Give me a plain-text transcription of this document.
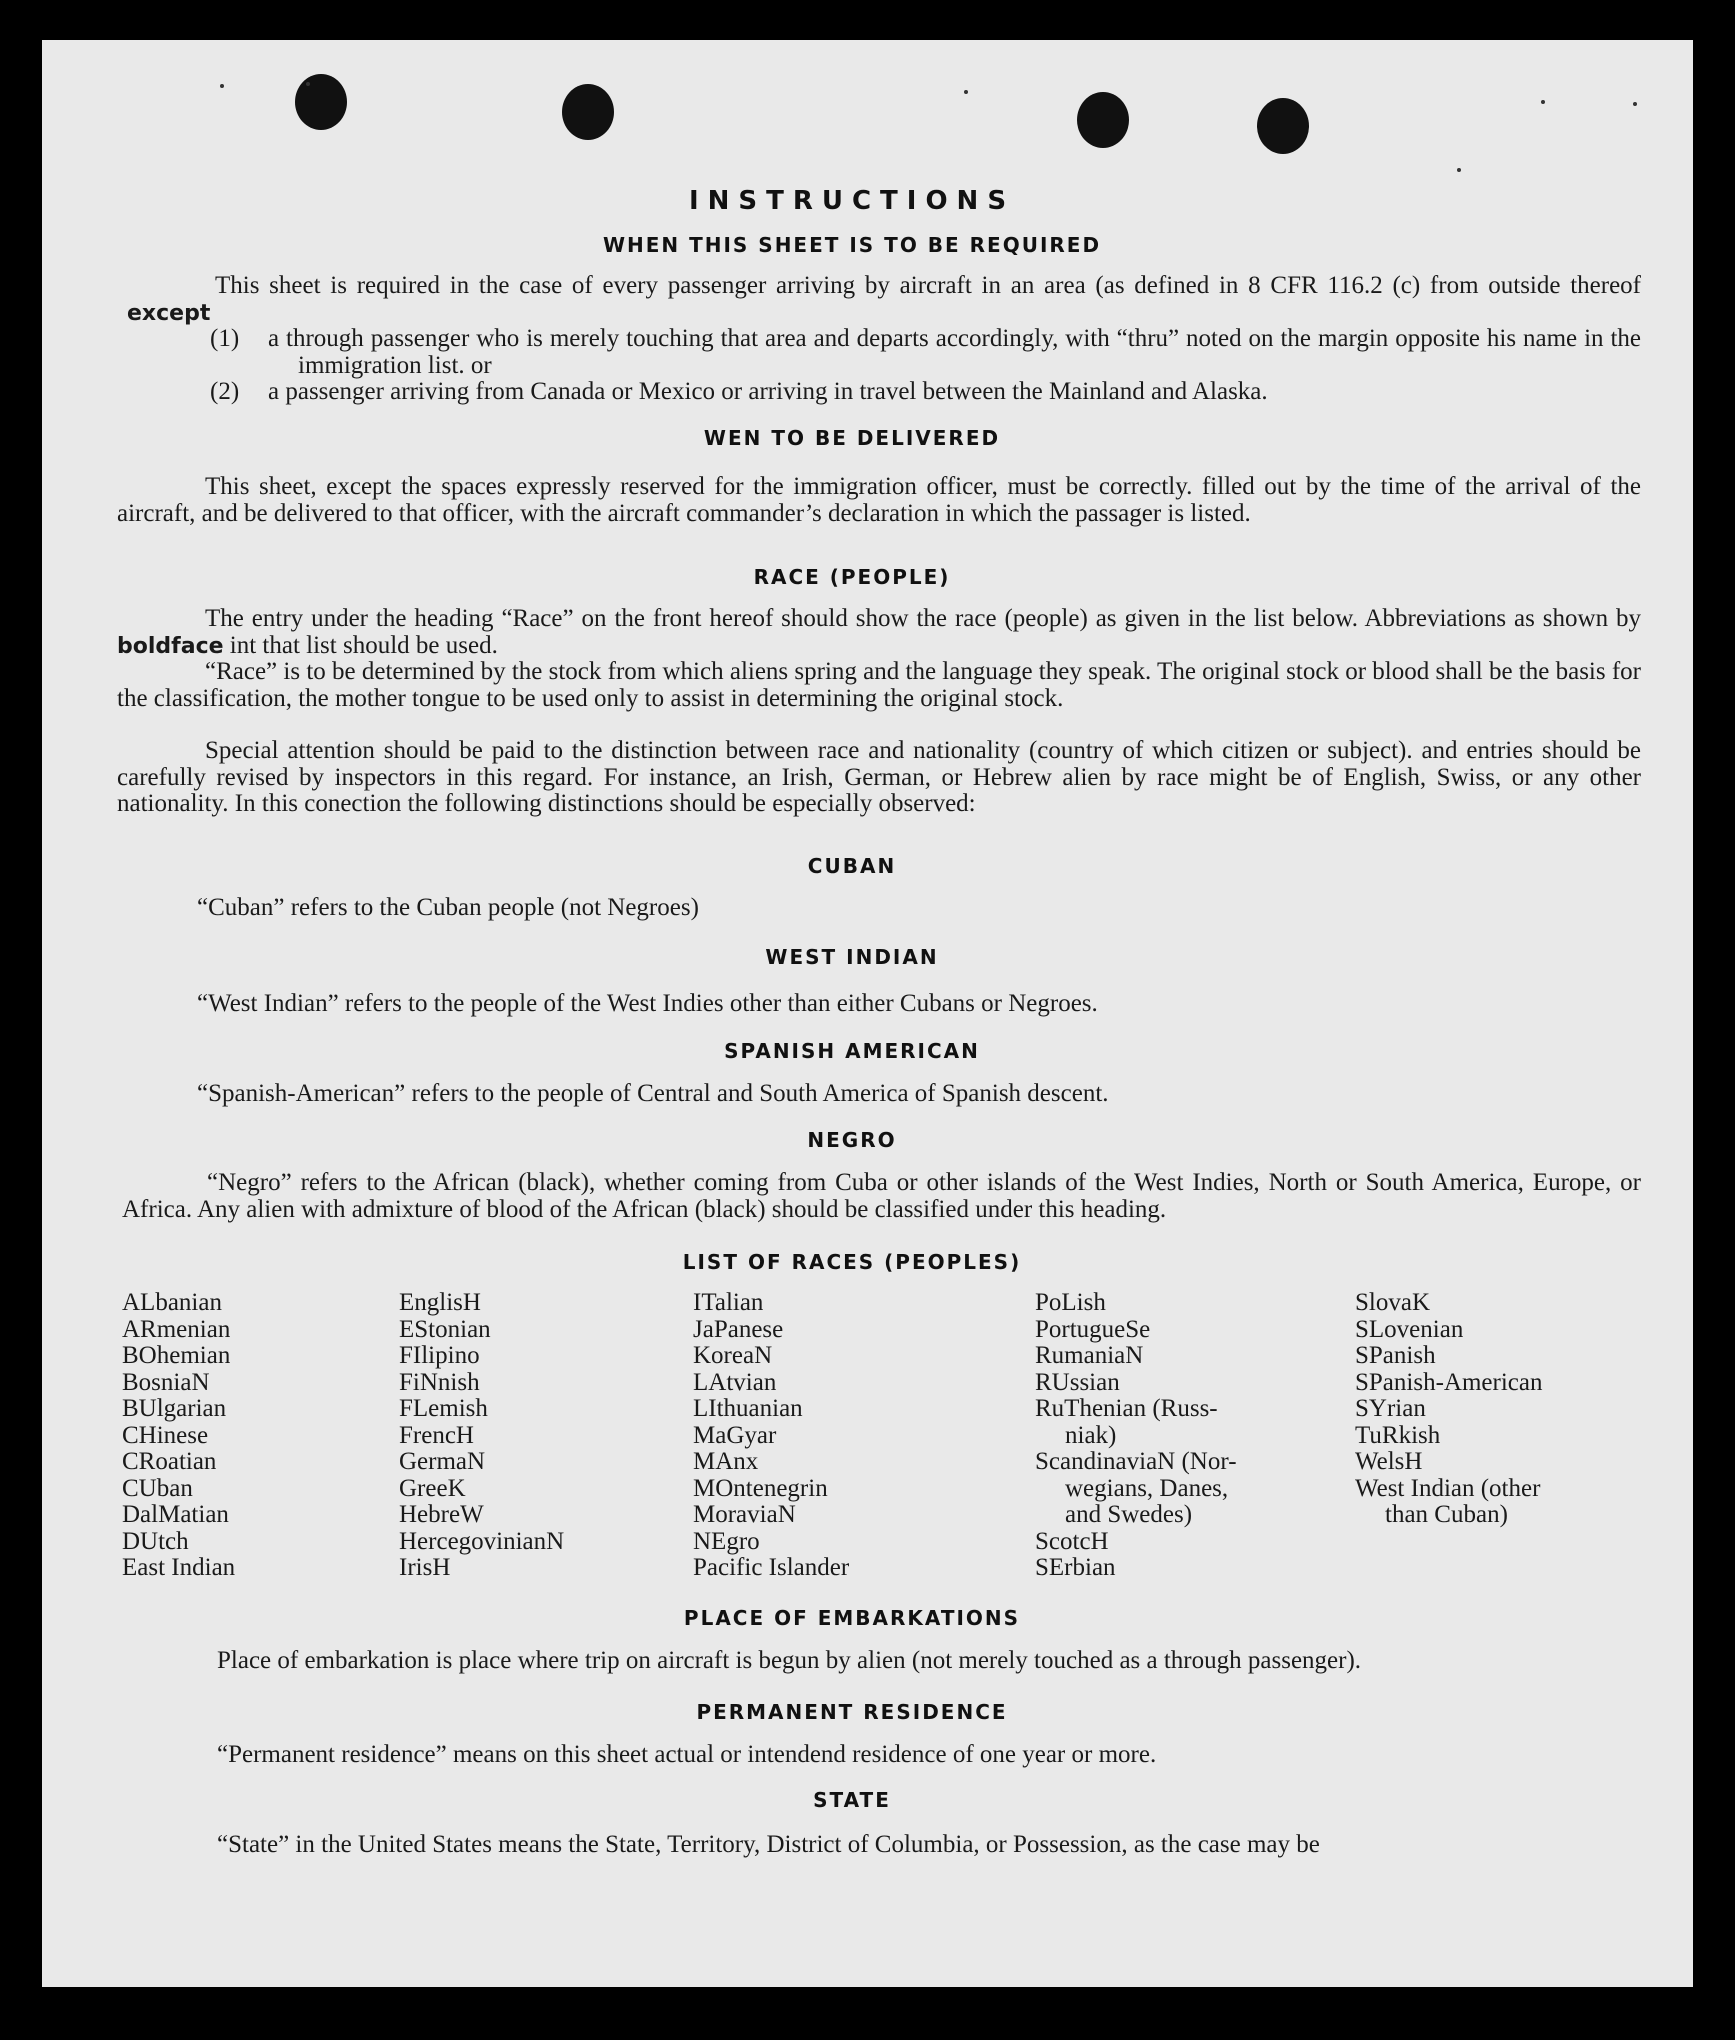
INSTRUCTIONS
WHEN THIS SHEET IS TO BE REQUIRED

This sheet is required in the case of every passenger arriving by aircraft in an area (as defined in 8 CFR 116.2 (c) from outside thereof except

(1) a through passenger who is merely touching that area and departs accordingly, with “thru” noted on the margin opposite his name in the immigration list. or

(2) a passenger arriving from Canada or Mexico or arriving in travel between the Mainland and Alaska.

WEN TO BE DELIVERED

This sheet, except the spaces expressly reserved for the immigration officer, must be correctly. filled out by the time of the arrival of the aircraft, and be delivered to that officer, with the aircraft commander’s declaration in which the passager is listed.

RACE (PEOPLE)

The entry under the heading “Race” on the front hereof should show the race (people) as given in the list below. Abbreviations as shown by boldface int that list should be used.

“Race” is to be determined by the stock from which aliens spring and the language they speak. The original stock or blood shall be the basis for the classification, the mother tongue to be used only to assist in determining the original stock.

Special attention should be paid to the distinction between race and nationality (country of which citizen or subject). and entries should be carefully revised by inspectors in this regard. For instance, an Irish, German, or Hebrew alien by race might be of English, Swiss, or any other nationality. In this conection the following distinctions should be especially observed:

CUBAN

“Cuban” refers to the Cuban people (not Negroes)

WEST INDIAN

“West Indian” refers to the people of the West Indies other than either Cubans or Negroes.

SPANISH AMERICAN

“Spanish-American” refers to the people of Central and South America of Spanish descent.

NEGRO

“Negro” refers to the African (black), whether coming from Cuba or other islands of the West Indies, North or South America, Europe, or Africa. Any alien with admixture of blood of the African (black) should be classified under this heading.

LIST OF RACES (PEOPLES)
ALbanian
ARmenian
BOhemian
BosniaN
BUlgarian
CHinese
CRoatian
CUban
DalMatian
DUtch
East Indian
EnglisH
EStonian
FIlipino
FiNnish
FLemish
FrencH
GermaN
GreeK
HebreW
HercegovinianN
IrisH
ITalian
JaPanese
KoreaN
LAtvian
LIthuanian
MaGyar
MAnx
MOntenegrin
MoraviaN
NEgro
Pacific Islander
PoLish
PortugueSe
RumaniaN
RUssian
RuThenian (Russ-
niak)
ScandinaviaN (Nor-
wegians, Danes,
and Swedes)
ScotcH
SErbian
SlovaK
SLovenian
SPanish
SPanish-American
SYrian
TuRkish
WelsH
West Indian (other
than Cuban)
PLACE OF EMBARKATIONS

Place of embarkation is place where trip on aircraft is begun by alien (not merely touched as a through passenger).

PERMANENT RESIDENCE

“Permanent residence” means on this sheet actual or intendend residence of one year or more.

STATE

“State” in the United States means the State, Territory, District of Columbia, or Possession, as the case may be
